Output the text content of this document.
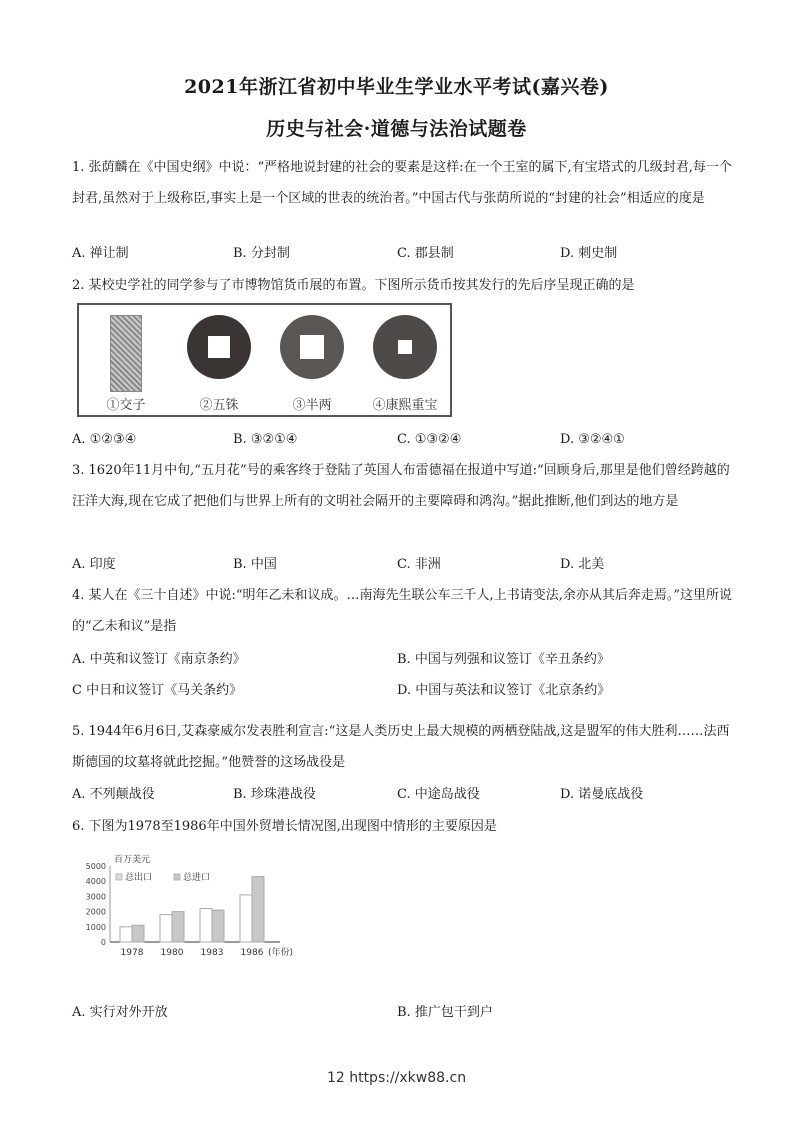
2021年浙江省初中毕业生学业水平考试(嘉兴卷)
历史与社会·道德与法治试题卷
1. 张荫麟在《中国史纲》中说：“严格地说封建的社会的要素是这样:在一个王室的属下,有宝塔式的几级封君,每一个封君,虽然对于上级称臣,事实上是一个区域的世表的统治者。”中国古代与张荫所说的“封建的社会”相适应的度是
A. 禅让制	B. 分封制	C. 郡县制	D. 刺史制
2. 某校史学社的同学参与了市博物馆货币展的布置。下图所示货币按其发行的先后序呈现正确的是
①交子	②五铢	③半两	④康熙重宝
A. ①②③④	B. ③②①④	C. ①③②④	D. ③②④①
3. 1620年11月中旬,“五月花”号的乘客终于登陆了英国人布雷德福在报道中写道:“回顾身后,那里是他们曾经跨越的汪洋大海,现在它成了把他们与世界上所有的文明社会隔开的主要障碍和鸿沟。”据此推断,他们到达的地方是
A. 印度	B. 中国	C. 非洲	D. 北美
4. 某人在《三十自述》中说:“明年乙未和议成。…南海先生联公车三千人,上书请变法,余亦从其后奔走焉。”这里所说的“乙未和议”是指
A. 中英和议签订《南京条约》	B. 中国与列强和议签订《辛丑条约》
C 中日和议签订《马关条约》	D. 中国与英法和议签订《北京条约》
5. 1944年6月6日,艾森豪威尔发表胜利宣言:“这是人类历史上最大规模的两栖登陆战,这是盟军的伟大胜利……法西斯德国的坟墓将就此挖掘。”他赞誉的这场战役是
A. 不列颠战役	B. 珍珠港战役	C. 中途岛战役	D. 诺曼底战役
6. 下图为1978至1986年中国外贸增长情况图,出现图中情形的主要原因是
百万美元
0
1000
2000
3000
4000
5000
1978 1980 1983 1986 (年份)
总出口	总进口
A. 实行对外开放	B. 推广包干到户
12 https://xkw88.cn
